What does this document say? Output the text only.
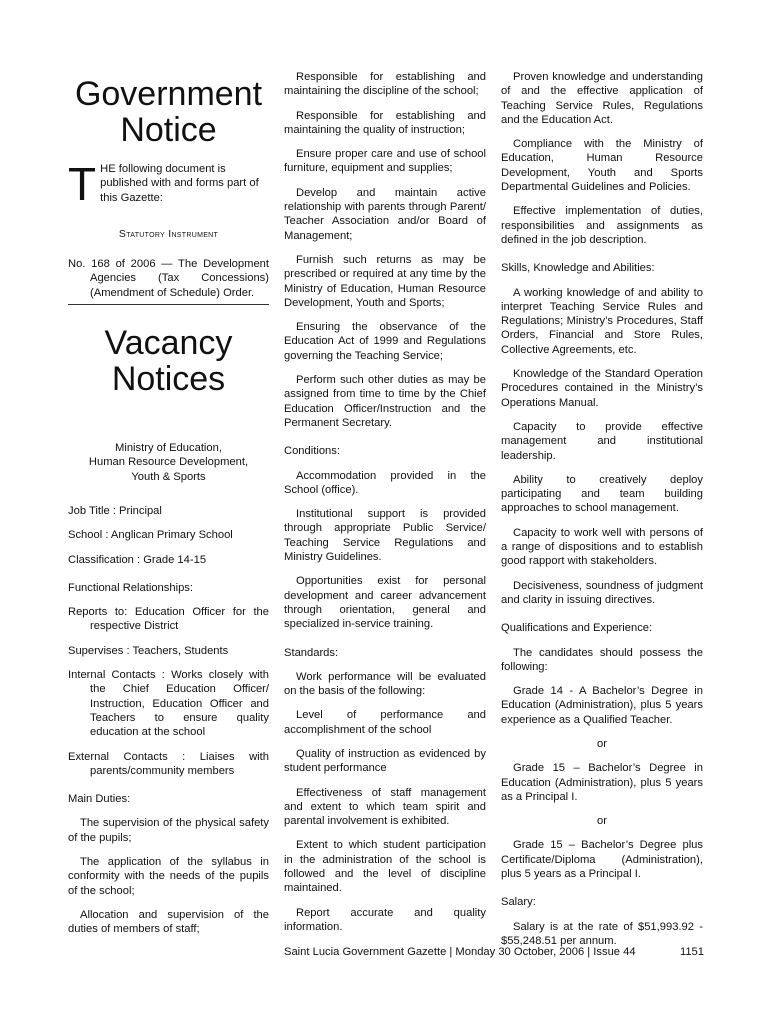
Government
Notice
T HE following document is published with and forms part of this Gazette:
Statutory Instrument

No. 168 of 2006 — The Development Agencies (Tax Concessions) (Amendment of Schedule) Order.

Vacancy
Notices
Ministry of Education,
Human Resource Development,
Youth & Sports

Job Title : Principal

School : Anglican Primary School

Classification : Grade 14-15

Functional Relationships:

Reports to: Education Officer for the respective District

Supervises : Teachers, Students

Internal Contacts : Works closely with the Chief Education Officer/ Instruction, Education Officer and Teachers to ensure quality education at the school

External Contacts : Liaises with parents/community members

Main Duties:

The supervision of the physical safety of the pupils;

The application of the syllabus in conformity with the needs of the pupils of the school;

Allocation and supervision of the duties of members of staff;

Responsible for establishing and maintaining the discipline of the school;

Responsible for establishing and maintaining the quality of instruction;

Ensure proper care and use of school furniture, equipment and supplies;

Develop and maintain active relationship with parents through Parent/ Teacher Association and/or Board of Management;

Furnish such returns as may be prescribed or required at any time by the Ministry of Education, Human Resource Development, Youth and Sports;

Ensuring the observance of the Education Act of 1999 and Regulations governing the Teaching Service;

Perform such other duties as may be assigned from time to time by the Chief Education Officer/Instruction and the Permanent Secretary.

Conditions:

Accommodation provided in the School (office).

Institutional support is provided through appropriate Public Service/ Teaching Service Regulations and Ministry Guidelines.

Opportunities exist for personal development and career advancement through orientation, general and specialized in-service training.

Standards:

Work performance will be evaluated on the basis of the following:

Level of performance and accomplishment of the school

Quality of instruction as evidenced by student performance

Effectiveness of staff management and extent to which team spirit and parental involvement is exhibited.

Extent to which student participation in the administration of the school is followed and the level of discipline maintained.

Report accurate and quality information.

Proven knowledge and understanding of and the effective application of Teaching Service Rules, Regulations and the Education Act.

Compliance with the Ministry of Education, Human Resource Development, Youth and Sports Departmental Guidelines and Policies.

Effective implementation of duties, responsibilities and assignments as defined in the job description.

Skills, Knowledge and Abilities:

A working knowledge of and ability to interpret Teaching Service Rules and Regulations; Ministry’s Procedures, Staff Orders, Financial and Store Rules, Collective Agreements, etc.

Knowledge of the Standard Operation Procedures contained in the Ministry’s Operations Manual.

Capacity to provide effective management and institutional leadership.

Ability to creatively deploy participating and team building approaches to school management.

Capacity to work well with persons of a range of dispositions and to establish good rapport with stakeholders.

Decisiveness, soundness of judgment and clarity in issuing directives.

Qualifications and Experience:

The candidates should possess the following:

Grade 14 - A Bachelor’s Degree in Education (Administration), plus 5 years experience as a Qualified Teacher.

or

Grade 15 – Bachelor’s Degree in Education (Administration), plus 5 years as a Principal I.

or

Grade 15 – Bachelor’s Degree plus Certificate/Diploma (Administration), plus 5 years as a Principal I.

Salary:

Salary is at the rate of $51,993.92 - $55,248.51 per annum.

Saint Lucia Government Gazette | Monday 30 October, 2006 | Issue 44	1151
